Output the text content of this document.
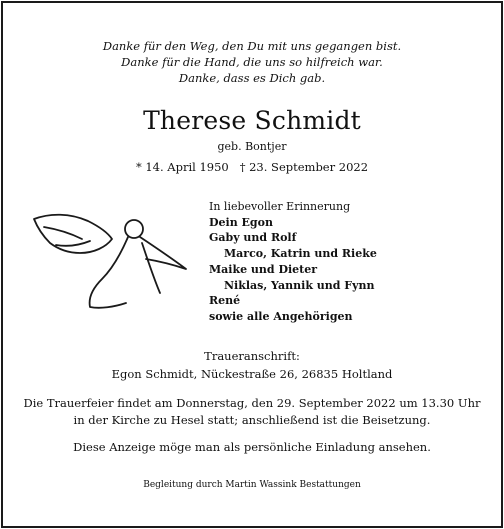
Danke für den Weg, den Du mit uns gegangen bist.
Danke für die Hand, die uns so hilfreich war.
Danke, dass es Dich gab.
Therese Schmidt
geb. Bontjer
* 14. April 1950   † 23. September 2022
In liebevoller Erinnerung
Dein Egon
Gaby und Rolf
Marco, Katrin und Rieke
Maike und Dieter
Niklas, Yannik und Fynn
René
sowie alle Angehörigen
Traueranschrift:
Egon Schmidt, Nückestraße 26, 26835 Holtland
Die Trauerfeier findet am Donnerstag, den 29. September 2022 um 13.30 Uhr
in der Kirche zu Hesel statt; anschließend ist die Beisetzung.
Diese Anzeige möge man als persönliche Einladung ansehen.
Begleitung durch Martin Wassink Bestattungen
